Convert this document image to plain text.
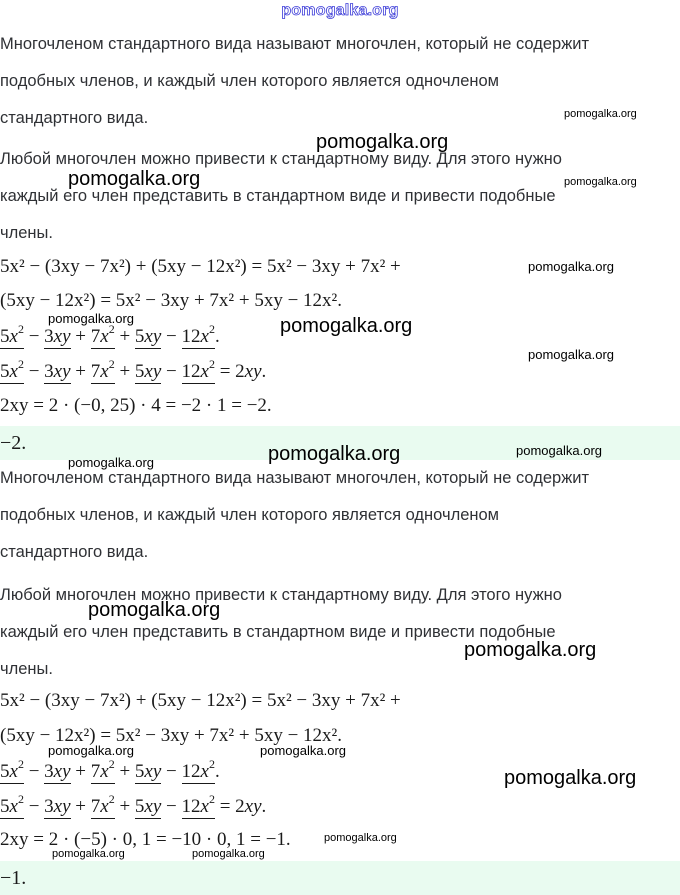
pomogalka.org
Многочленом стандартного вида называют многочлен, который не содержит
подобных членов, и каждый член которого является одночленом
стандартного вида.
Любой многочлен можно привести к стандартному виду. Для этого нужно
каждый его член представить в стандартном виде и привести подобные
члены.
5x² − (3xy − 7x²) + (5xy − 12x²) = 5x² − 3xy + 7x² +
(5xy − 12x²) = 5x² − 3xy + 7x² + 5xy − 12x².
$5x^2 - 3xy + 7x^2 + 5xy - 12x^2$.
$5x^2 - 3xy + 7x^2 + 5xy - 12x^2 = 2xy$.
2xy = 2 · (−0, 25) · 4 = −2 · 1 = −2.
−2.
Многочленом стандартного вида называют многочлен, который не содержит
подобных членов, и каждый член которого является одночленом
стандартного вида.
Любой многочлен можно привести к стандартному виду. Для этого нужно
каждый его член представить в стандартном виде и привести подобные
члены.
5x² − (3xy − 7x²) + (5xy − 12x²) = 5x² − 3xy + 7x² +
(5xy − 12x²) = 5x² − 3xy + 7x² + 5xy − 12x².
$5x^2 - 3xy + 7x^2 + 5xy - 12x^2$.
$5x^2 - 3xy + 7x^2 + 5xy - 12x^2 = 2xy$.
2xy = 2 · (−5) · 0, 1 = −10 · 0, 1 = −1.
−1.
pomogalka.org
pomogalka.org
pomogalka.org	pomogalka.org
pomogalka.org
pomogalka.org	pomogalka.org
pomogalka.org
pomogalka.org
pomogalka.org
pomogalka.org
pomogalka.org
pomogalka.org
pomogalka.org	pomogalka.org
pomogalka.org
pomogalka.org
pomogalka.org	pomogalka.org
